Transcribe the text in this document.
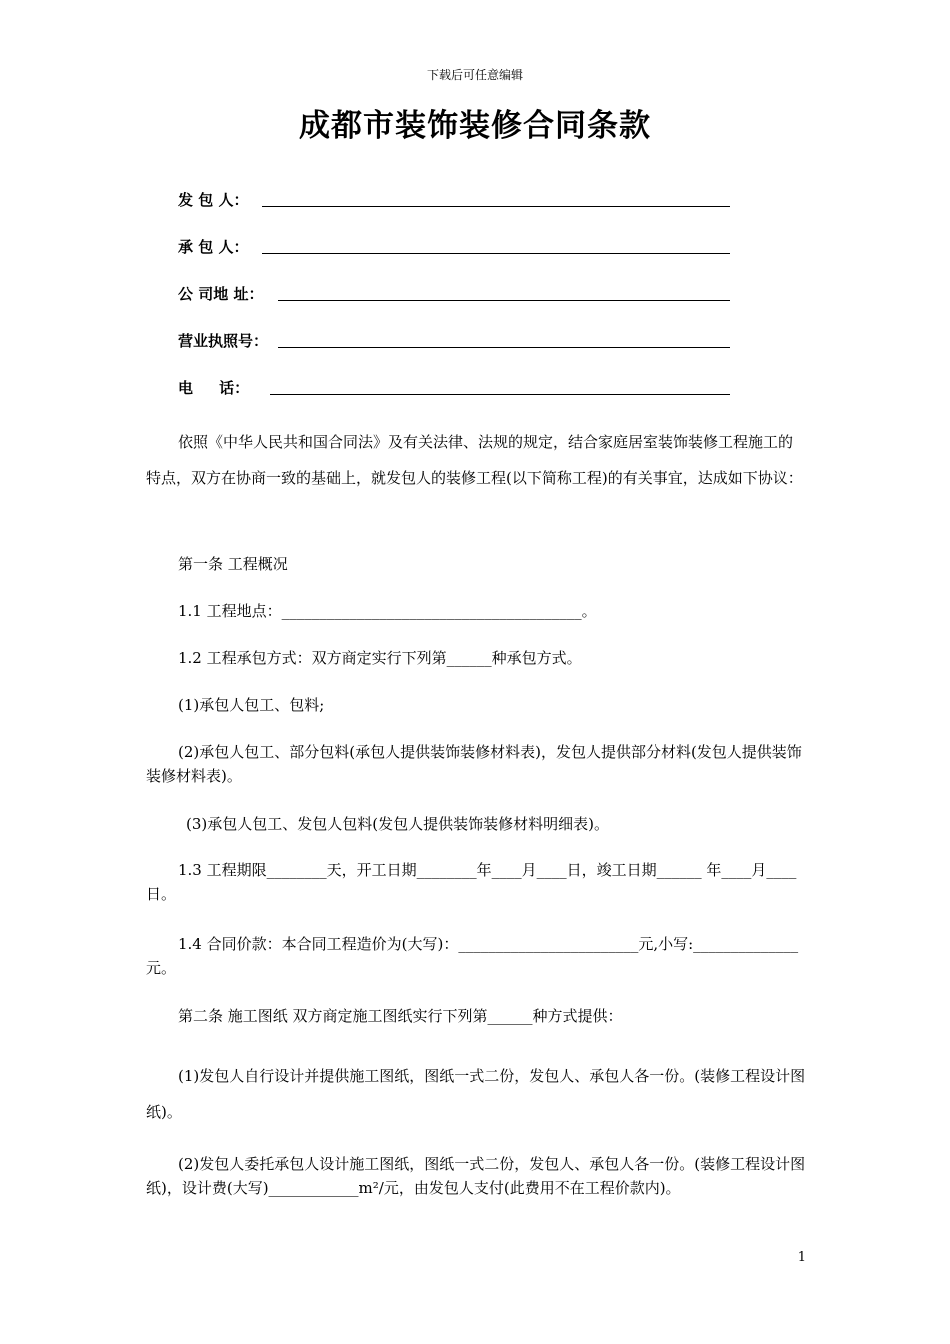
下载后可任意编辑
成都市装饰装修合同条款
发 包 人：
承 包 人：
公 司地 址：
营业执照号：
电     话：
依照《中华人民共和国合同法》及有关法律、法规的规定，结合家庭居室装饰装修工程施工的特点，双方在协商一致的基础上，就发包人的装修工程(以下简称工程)的有关事宜，达成如下协议：
第一条 工程概况
1.1 工程地点：________________________________________。
1.2 工程承包方式：双方商定实行下列第______种承包方式。
(1)承包人包工、包料;
(2)承包人包工、部分包料(承包人提供装饰装修材料表)，发包人提供部分材料(发包人提供装饰装修材料表)。
(3)承包人包工、发包人包料(发包人提供装饰装修材料明细表)。
1.3 工程期限________天，开工日期________年____月____日，竣工日期______ 年____月____日。
1.4 合同价款：本合同工程造价为(大写)：________________________元,小写:______________元。
第二条 施工图纸 双方商定施工图纸实行下列第______种方式提供：
(1)发包人自行设计并提供施工图纸，图纸一式二份，发包人、承包人各一份。(装修工程设计图纸)。
(2)发包人委托承包人设计施工图纸，图纸一式二份，发包人、承包人各一份。(装修工程设计图纸)，设计费(大写)____________m²/元，由发包人支付(此费用不在工程价款内)。
1
